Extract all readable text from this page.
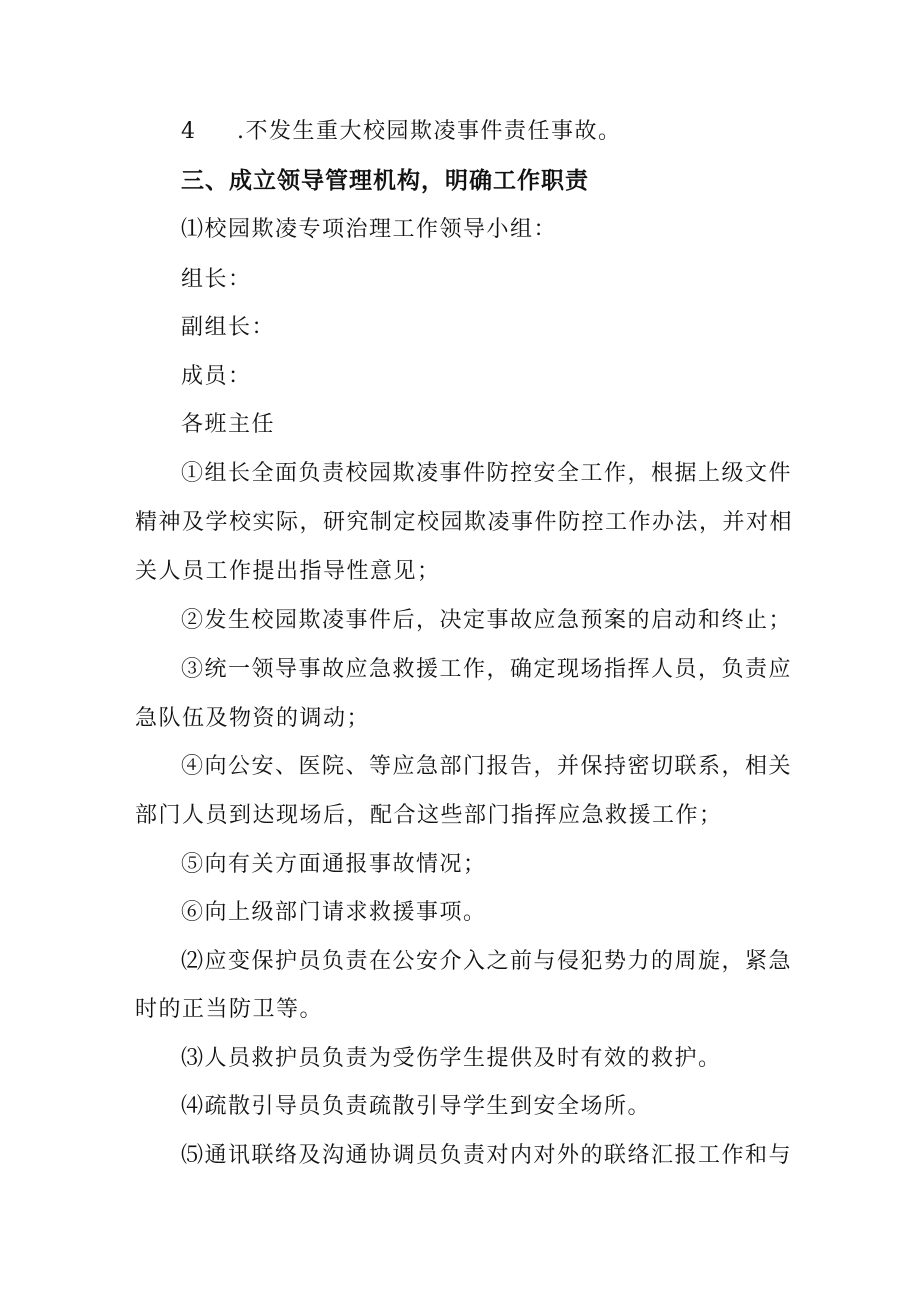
4 .不发生重大校园欺凌事件责任事故。
三、成立领导管理机构，明确工作职责
⑴校园欺凌专项治理工作领导小组：
组长：
副组长：
成员：
各班主任
①组长全面负责校园欺凌事件防控安全工作，根据上级文件
精神及学校实际，研究制定校园欺凌事件防控工作办法，并对相
关人员工作提出指导性意见；
②发生校园欺凌事件后，决定事故应急预案的启动和终止；
③统一领导事故应急救援工作，确定现场指挥人员，负责应
急队伍及物资的调动；
④向公安、医院、等应急部门报告，并保持密切联系，相关
部门人员到达现场后，配合这些部门指挥应急救援工作；
⑤向有关方面通报事故情况；
⑥向上级部门请求救援事项。
⑵应变保护员负责在公安介入之前与侵犯势力的周旋，紧急
时的正当防卫等。
⑶人员救护员负责为受伤学生提供及时有效的救护。
⑷疏散引导员负责疏散引导学生到安全场所。
⑸通讯联络及沟通协调员负责对内对外的联络汇报工作和与
